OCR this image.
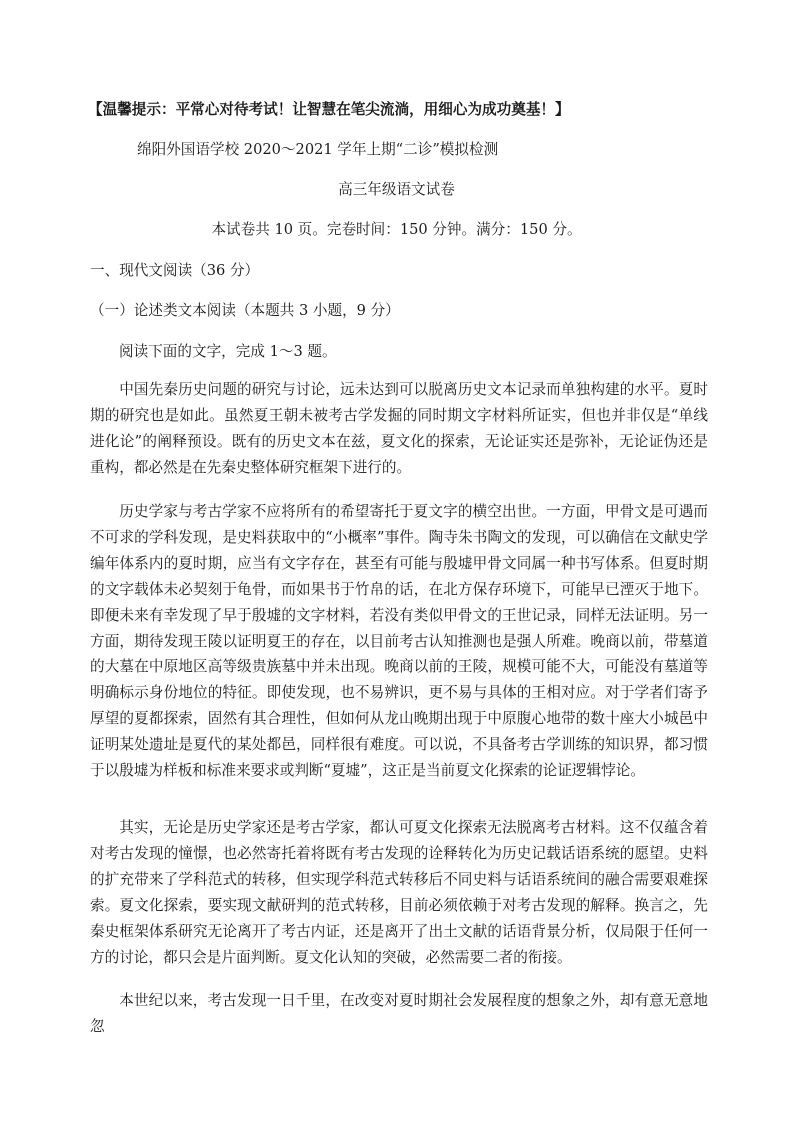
【温馨提示：平常心对待考试！让智慧在笔尖流淌，用细心为成功奠基！】
绵阳外国语学校 2020～2021 学年上期“二诊”模拟检测
高三年级语文试卷
本试卷共 10 页。完卷时间：150 分钟。满分：150 分。
一、现代文阅读（36 分）
（一）论述类文本阅读（本题共 3 小题，9 分）
阅读下面的文字，完成 1～3 题。
中国先秦历史问题的研究与讨论，远未达到可以脱离历史文本记录而单独构建的水平。夏时期的研究也是如此。虽然夏王朝未被考古学发掘的同时期文字材料所证实，但也并非仅是“单线进化论”的阐释预设。既有的历史文本在兹，夏文化的探索，无论证实还是弥补，无论证伪还是重构，都必然是在先秦史整体研究框架下进行的。
历史学家与考古学家不应将所有的希望寄托于夏文字的横空出世。一方面，甲骨文是可遇而不可求的学科发现，是史料获取中的“小概率”事件。陶寺朱书陶文的发现，可以确信在文献史学编年体系内的夏时期，应当有文字存在，甚至有可能与殷墟甲骨文同属一种书写体系。但夏时期的文字载体未必契刻于龟骨，而如果书于竹帛的话，在北方保存环境下，可能早已湮灭于地下。即便未来有幸发现了早于殷墟的文字材料，若没有类似甲骨文的王世记录，同样无法证明。另一方面，期待发现王陵以证明夏王的存在，以目前考古认知推测也是强人所难。晚商以前，带墓道的大墓在中原地区高等级贵族墓中并未出现。晚商以前的王陵，规模可能不大，可能没有墓道等明确标示身份地位的特征。即使发现，也不易辨识，更不易与具体的王相对应。对于学者们寄予厚望的夏都探索，固然有其合理性，但如何从龙山晚期出现于中原腹心地带的数十座大小城邑中证明某处遗址是夏代的某处都邑，同样很有难度。可以说，不具备考古学训练的知识界，都习惯于以殷墟为样板和标准来要求或判断“夏墟”，这正是当前夏文化探索的论证逻辑悖论。
其实，无论是历史学家还是考古学家，都认可夏文化探索无法脱离考古材料。这不仅蕴含着对考古发现的憧憬，也必然寄托着将既有考古发现的诠释转化为历史记载话语系统的愿望。史料的扩充带来了学科范式的转移，但实现学科范式转移后不同史料与话语系统间的融合需要艰难探索。夏文化探索，要实现文献研判的范式转移，目前必须依赖于对考古发现的解释。换言之，先秦史框架体系研究无论离开了考古内证，还是离开了出土文献的话语背景分析，仅局限于任何一方的讨论，都只会是片面判断。夏文化认知的突破，必然需要二者的衔接。
本世纪以来，考古发现一日千里，在改变对夏时期社会发展程度的想象之外，却有意无意地忽
